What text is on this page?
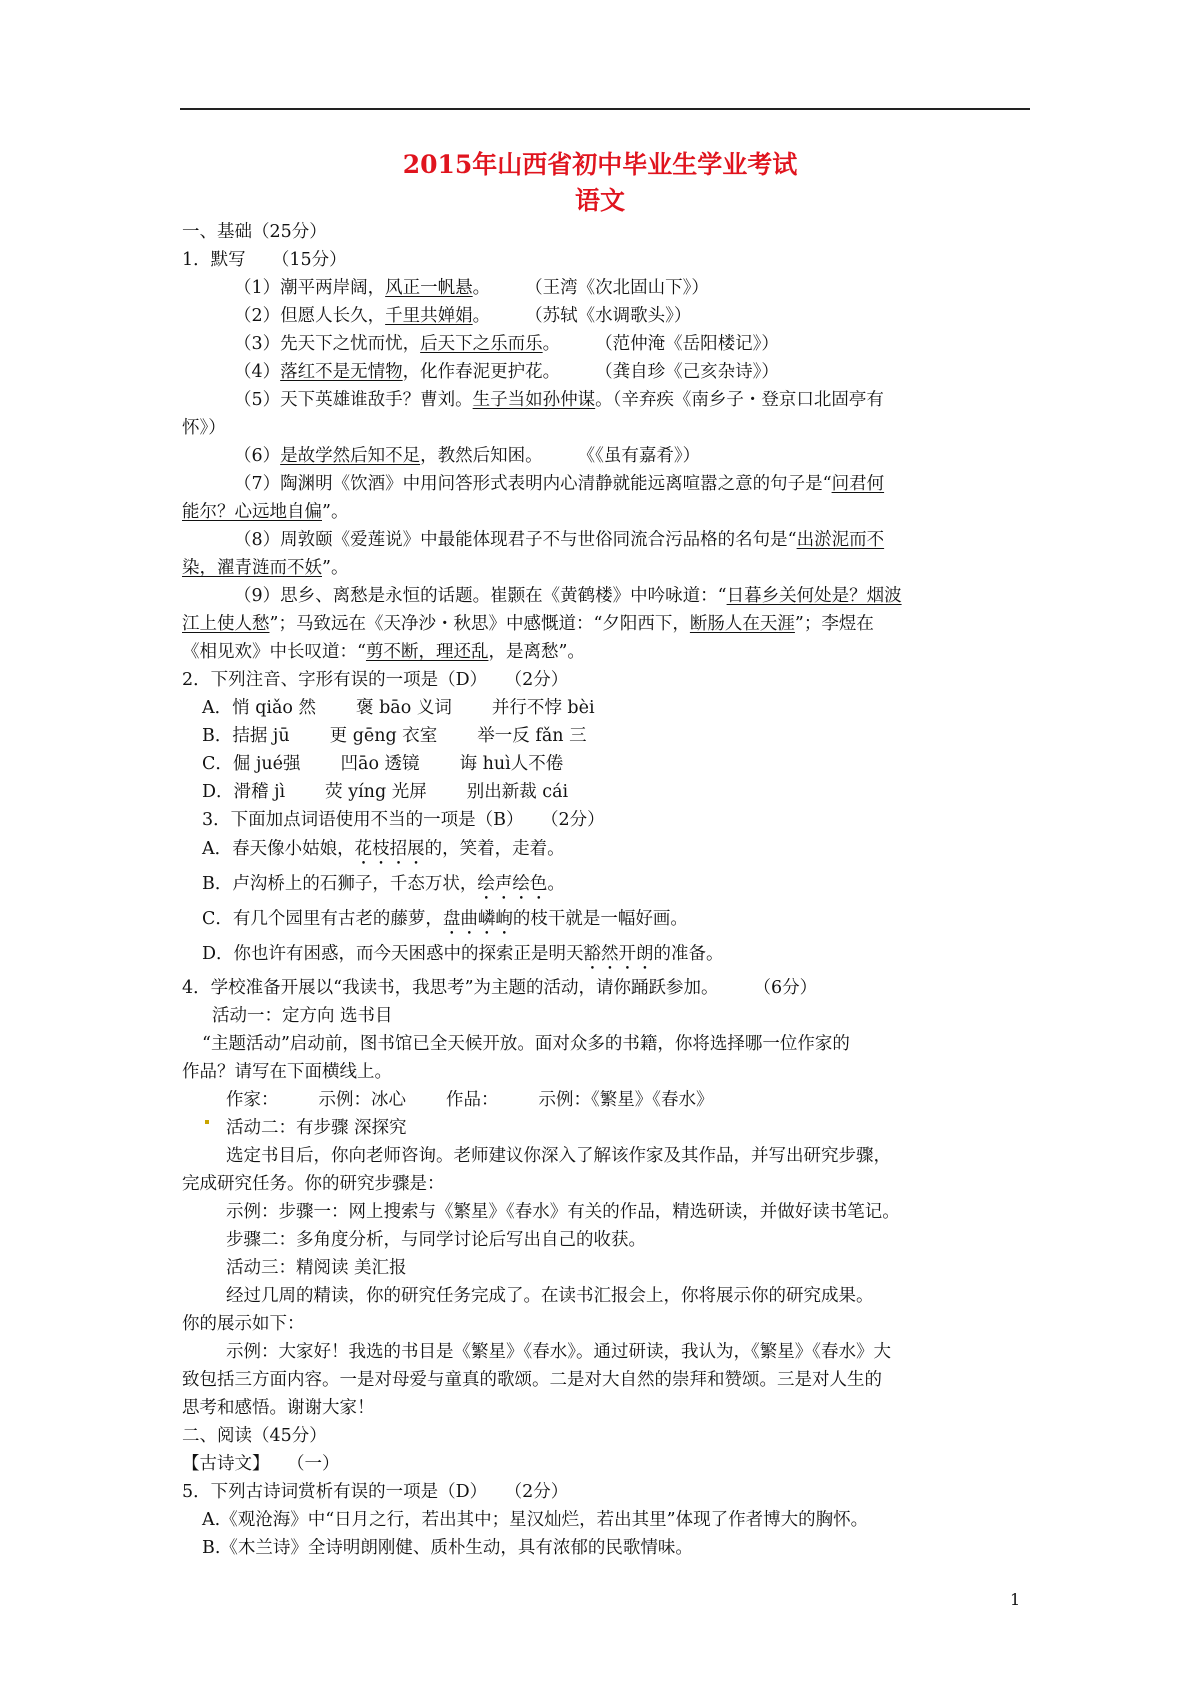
2015年山西省初中毕业生学业考试
语文

一、基础（25分）

1．默写　　（15分）

（1）潮平两岸阔，风正一帆悬。　　　（王湾《次北固山下》）

（2）但愿人长久，千里共婵娟。　　　（苏轼《水调歌头》）

（3）先天下之忧而忧，后天下之乐而乐。　　　（范仲淹《岳阳楼记》）

（4）落红不是无情物，化作春泥更护花。　　　（龚自珍《己亥杂诗》）

（5）天下英雄谁敌手？曹刘。生子当如孙仲谋。（辛弃疾《南乡子・登京口北固亭有

怀》）

（6）是故学然后知不足，教然后知困。　　　《《虽有嘉肴》）

（7）陶渊明《饮酒》中用问答形式表明内心清静就能远离喧嚣之意的句子是“问君何

能尔？心远地自偏”。

（8）周敦颐《爱莲说》中最能体现君子不与世俗同流合污品格的名句是“出淤泥而不

染，濯青涟而不妖”。

（9）思乡、离愁是永恒的话题。崔颢在《黄鹤楼》中吟咏道：“日暮乡关何处是？烟波

江上使人愁”；马致远在《天净沙・秋思》中感慨道：“夕阳西下，断肠人在天涯”；李煜在

《相见欢》中长叹道：“剪不断，理还乱，是离愁”。

2．下列注音、字形有误的一项是（D）　　（2分）

A．悄 qiǎo 然 褒 bāo 义词 并行不悖 bèi

B．拮据 jū 更 gēng 衣室 举一反 fǎn 三

C．倔 jué强 凹āo 透镜 诲 huì人不倦

D．滑稽 jì 荧 yíng 光屏 别出新裁 cái

3．下面加点词语使用不当的一项是（B）　　（2分）

A．春天像小姑娘，花枝招展的，笑着，走着。

B．卢沟桥上的石狮子，千态万状，绘声绘色。

C．有几个园里有古老的藤萝，盘曲嶙峋的枝干就是一幅好画。

D．你也许有困惑，而今天困惑中的探索正是明天豁然开朗的准备。

4．学校准备开展以“我读书，我思考”为主题的活动，请你踊跃参加。　　　（6分）

活动一：定方向 选书目

“主题活动”启动前，图书馆已全天候开放。面对众多的书籍，你将选择哪一位作家的

作品？请写在下面横线上。

作家： 示例：冰心 作品： 示例：《繁星》《春水》

活动二：有步骤 深探究

选定书目后，你向老师咨询。老师建议你深入了解该作家及其作品，并写出研究步骤，

完成研究任务。你的研究步骤是：

示例：步骤一：网上搜索与《繁星》《春水》有关的作品，精选研读，并做好读书笔记。

步骤二：多角度分析，与同学讨论后写出自己的收获。

活动三：精阅读 美汇报

经过几周的精读，你的研究任务完成了。在读书汇报会上，你将展示你的研究成果。

你的展示如下：

示例：大家好！我选的书目是《繁星》《春水》。通过研读，我认为，《繁星》《春水》大

致包括三方面内容。一是对母爱与童真的歌颂。二是对大自然的崇拜和赞颂。三是对人生的

思考和感悟。谢谢大家！

二、阅读（45分）

【古诗文】　　（一）

5．下列古诗词赏析有误的一项是（D）　　（2分）

A.《观沧海》中“日月之行，若出其中；星汉灿烂，若出其里”体现了作者博大的胸怀。

B.《木兰诗》全诗明朗刚健、质朴生动，具有浓郁的民歌情味。

1
